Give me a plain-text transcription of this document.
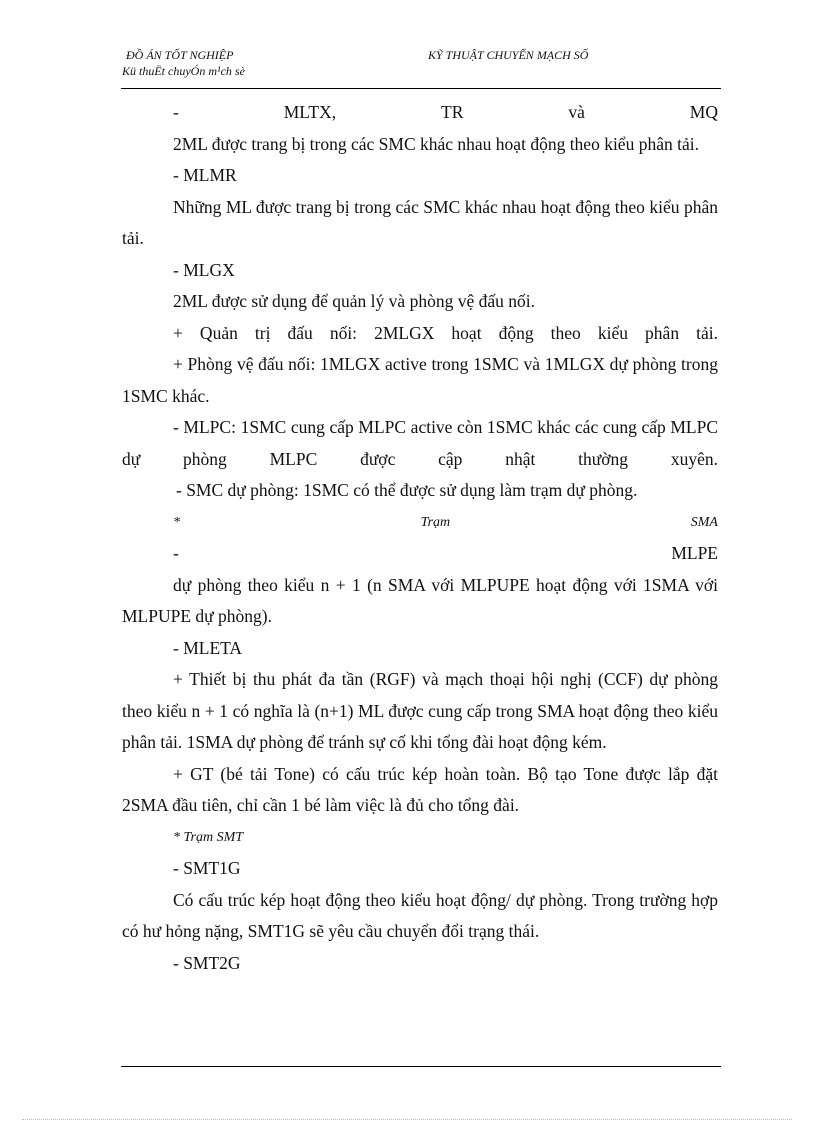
ĐỒ ÁN TỐT NGHIỆP
Kü thuËt chuyÓn m¹ch sè
KỸ THUẬT CHUYỂN MẠCH SỐ
-	MLTX,	TR	và	MQ

2ML được trang bị trong các SMC khác nhau hoạt động theo kiểu phân tải.

- MLMR

Những ML được trang bị trong các SMC khác nhau hoạt động theo kiểu phân tải.

- MLGX

2ML được sử dụng để quản lý và phòng vệ đấu nối.

+ Quản trị đấu nối: 2MLGX hoạt động theo kiểu phân tải.

+ Phòng vệ đấu nối: 1MLGX active trong 1SMC và 1MLGX dự phòng trong 1SMC khác.

- MLPC: 1SMC cung cấp MLPC active còn 1SMC khác các cung cấp MLPC dự phòng MLPC được cập nhật thường xuyên.

- SMC dự phòng: 1SMC có thể được sử dụng làm trạm dự phòng.

*	Trạm	SMA
-	MLPE

dự phòng theo kiểu n + 1 (n SMA với MLPUPE hoạt động với 1SMA với MLPUPE dự phòng).

- MLETA

+ Thiết bị thu phát đa tần (RGF) và mạch thoại hội nghị (CCF) dự phòng theo kiểu n + 1 có nghĩa là (n+1) ML được cung cấp trong SMA hoạt động theo kiểu phân tải. 1SMA dự phòng để tránh sự cố khi tổng đài hoạt động kém.

+ GT (bé tải Tone) có cấu trúc kép hoàn toàn. Bộ tạo Tone được lắp đặt 2SMA đầu tiên, chỉ cần 1 bé làm việc là đủ cho tổng đài.

* Trạm SMT

- SMT1G

Có cấu trúc kép hoạt động theo kiểu hoạt động/ dự phòng. Trong trường hợp có hư hỏng nặng, SMT1G sẽ yêu cầu chuyển đổi trạng thái.

- SMT2G
